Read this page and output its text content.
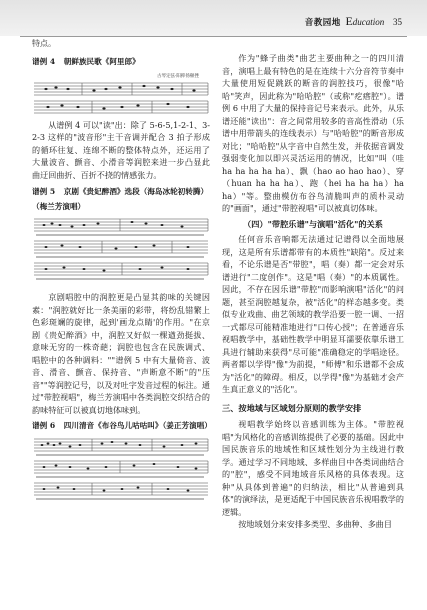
音教园地 Education 35
特点。
谱例 4 朝鲜族民歌《阿里郎》
古琴定弦·阳抑扬顿挫

从谱例 4 可以"读"出：除了 5-6-5,1-2-1、3-2-3 这样的"波音形"主干音调并配合 3 拍子形成的循环往复、连绵不断的整体特点外，还运用了大量波音、颤音、小滑音等润腔来进一步凸显此曲迂回曲折、百折不挠的情感张力。

谱例 5 京剧《贵妃醉酒》选段（海岛冰轮初转腾）
（梅兰芳演唱）

京剧唱腔中的润腔更是凸显其韵味的关键因素："润腔就好比一条美丽的彩带，将纷乱错繁上色彩斑斓的旋律，起到'画龙点睛'的作用。"在京剧《贵妃醉酒》中，润腔又好似一棵遒劲挺拔、意味无穷的一株奇葩；润腔也包含在民族调式、唱腔中的各种调料：""谱例 5 中有大量倚音、波音、滑音、颤音、保持音、"声断意不断"的"压音""等润腔记号，以及对吐字发音过程的标注。通过"带腔视唱"，梅兰芳演唱中各类润腔交织结合的韵味特征可以被真切地体味到。

谱例 6 四川清音《布谷鸟儿咕咕叫》（姜正芳演唱）

作为"蜂子曲类"曲艺主要曲种之一的四川清音，演唱上最有特色的是在连续十六分音符节奏中大量使用短促跳跃的断音的润腔技巧，很像"哈哈"笑声，因此称为"哈哈腔"（或称"疙瘩腔"）。谱例 6 中用了大量的保持音记号来表示。此外，从乐谱还能"读出"：音之间常用较多的音高性滑动（乐谱中用带箭头的连线表示）与"哈哈腔"的断音形成对比；"哈哈腔"从字音中自然生发，并依据音调发强弱变化加以即兴灵活运用的情况，比如"叫（哇 ha ha ha ha ha）、飘（hao ao hao hao）、穿（huan ha ha ha）、跑（hei ha ha ha）ha ha）"等。整曲模仿布谷鸟清脆叫声的质朴灵动的"画面"，通过"带腔视唱"可以被真切体味。

（四）"带腔乐谱"与演唱"活化"的关系

任何音乐音响都无法通过记谱得以全面地展现，这是所有乐谱都带有的本质性"缺陷"。反过来看，不论乐谱是否"带腔"，唱（奏）都一定会对乐谱进行"二度创作"。这是"唱（奏）"的本质属性。因此，不存在因乐谱"带腔"而影响演唱"活化"的问题，甚至润腔越复杂，被"活化"的样态越多变。类似专业戏曲、曲艺领域的教学沿要一腔一调、一招一式都尽可能精准地进行"口传心授"；在普通音乐视唱教学中，基础性教学中明显耳濡要依靠乐谱工具进行辅助来获得"尽可能"准确稳定的学唱途径。两者都以学得"像"为前提，"师傅"和乐谱都不会成为"活化"的障碍。相反，以学得"像"为基础才会产生真正意义的"活化"。

三、按地域与区域划分原则的教学安排

视唱教学始终以音感训练为主体。"带腔视唱"为风格化的音感训练提供了必要的基础。因此中国民族音乐的地域性和区域性划分为主线进行教学。通过学习不同地域、多样曲目中各类词曲结合的"腔"，感受不同地域音乐风格的具体表现。这种"从具体到普遍"的归纳法，相比"从普遍到具体"的演绎法，是更适配于中国民族音乐视唱教学的逻辑。

按地域划分来安排多类型、多曲种、多曲目
